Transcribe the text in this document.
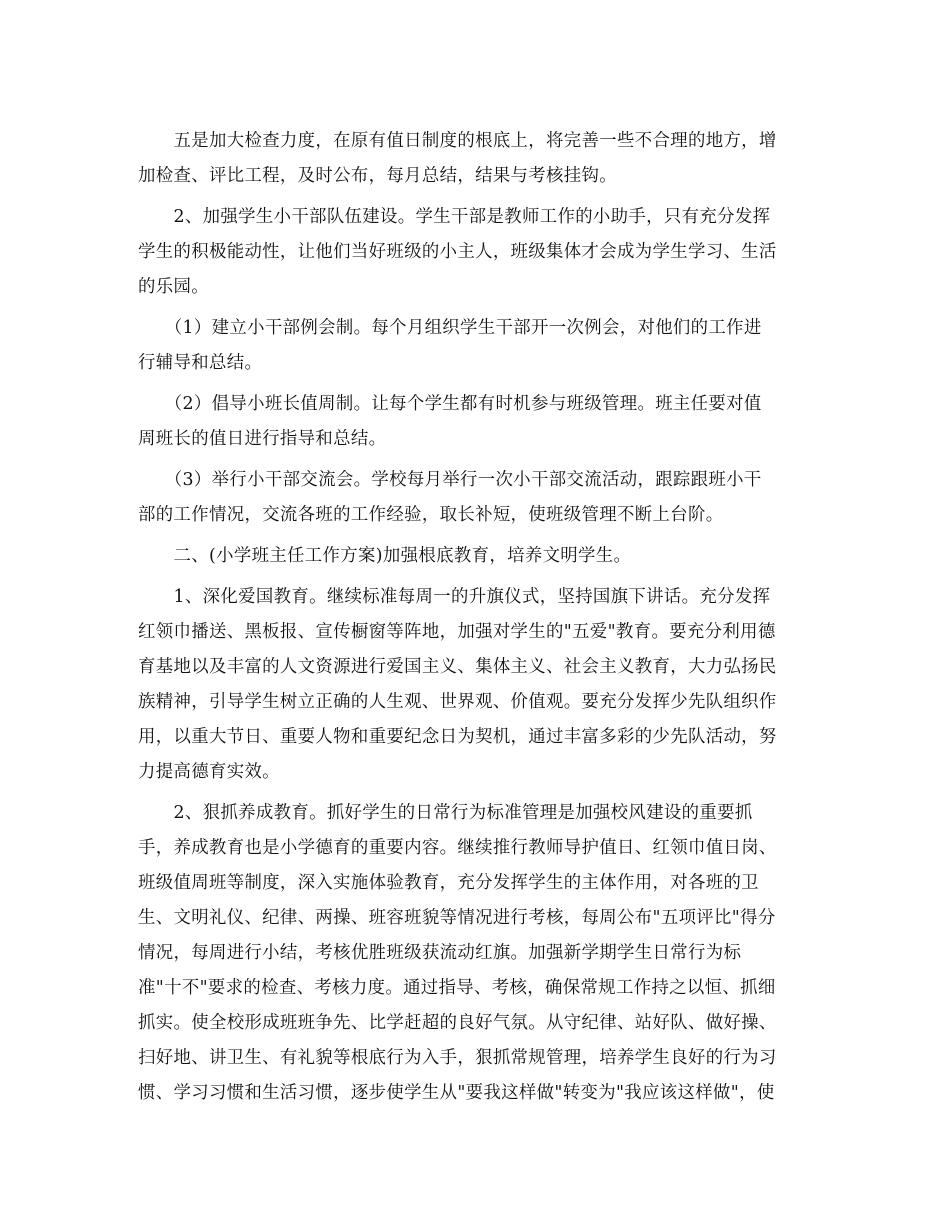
　　五是加大检查力度，在原有值日制度的根底上，将完善一些不合理的地方，增
加检查、评比工程，及时公布，每月总结，结果与考核挂钩。
　　2、加强学生小干部队伍建设。学生干部是教师工作的小助手，只有充分发挥
学生的积极能动性，让他们当好班级的小主人，班级集体才会成为学生学习、生活
的乐园。
　　（1）建立小干部例会制。每个月组织学生干部开一次例会，对他们的工作进
行辅导和总结。
　　（2）倡导小班长值周制。让每个学生都有时机参与班级管理。班主任要对值
周班长的值日进行指导和总结。
　　（3）举行小干部交流会。学校每月举行一次小干部交流活动，跟踪跟班小干
部的工作情况，交流各班的工作经验，取长补短，使班级管理不断上台阶。
　　二、(小学班主任工作方案)加强根底教育，培养文明学生。
　　1、深化爱国教育。继续标准每周一的升旗仪式，坚持国旗下讲话。充分发挥
红领巾播送、黑板报、宣传橱窗等阵地，加强对学生的"五爱"教育。要充分利用德
育基地以及丰富的人文资源进行爱国主义、集体主义、社会主义教育，大力弘扬民
族精神，引导学生树立正确的人生观、世界观、价值观。要充分发挥少先队组织作
用，以重大节日、重要人物和重要纪念日为契机，通过丰富多彩的少先队活动，努
力提高德育实效。
　　2、狠抓养成教育。抓好学生的日常行为标准管理是加强校风建设的重要抓
手，养成教育也是小学德育的重要内容。继续推行教师导护值日、红领巾值日岗、
班级值周班等制度，深入实施体验教育，充分发挥学生的主体作用，对各班的卫
生、文明礼仪、纪律、两操、班容班貌等情况进行考核，每周公布"五项评比"得分
情况，每周进行小结，考核优胜班级获流动红旗。加强新学期学生日常行为标
准"十不"要求的检查、考核力度。通过指导、考核，确保常规工作持之以恒、抓细
抓实。使全校形成班班争先、比学赶超的良好气氛。从守纪律、站好队、做好操、
扫好地、讲卫生、有礼貌等根底行为入手，狠抓常规管理，培养学生良好的行为习
惯、学习习惯和生活习惯，逐步使学生从"要我这样做"转变为"我应该这样做"，使
